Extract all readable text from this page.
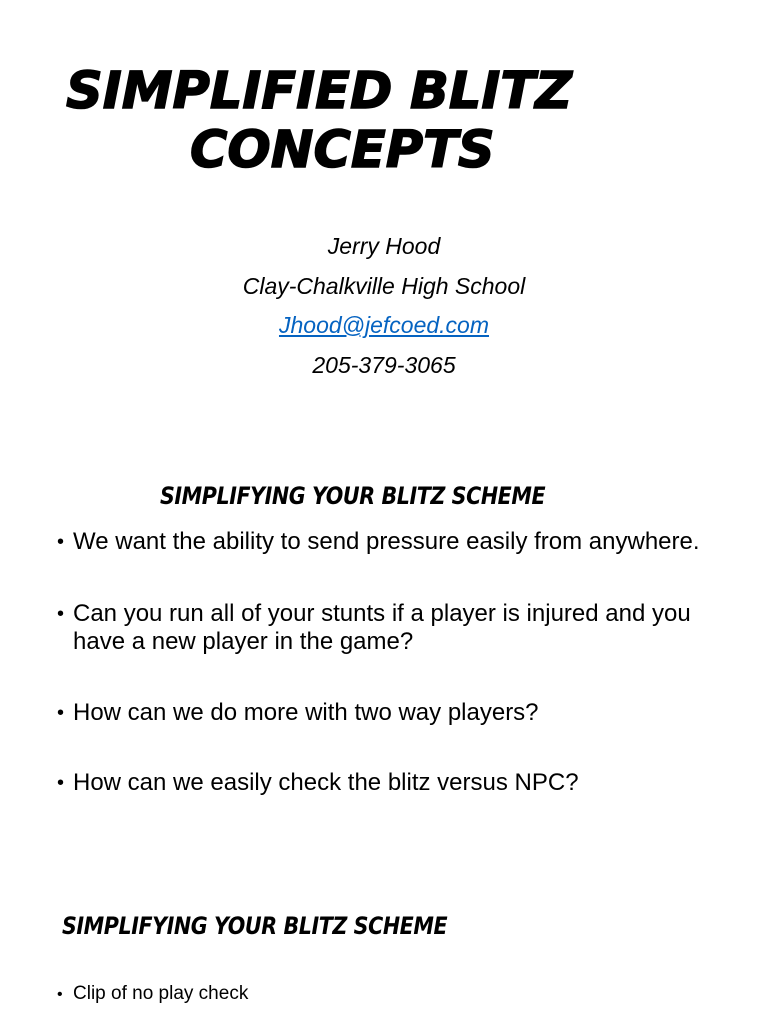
SIMPLIFIED BLITZ
CONCEPTS
Jerry Hood
Clay-Chalkville High School
Jhood@jefcoed.com
205-379-3065
SIMPLIFYING YOUR BLITZ SCHEME
• We want the ability to send pressure easily from anywhere.
• Can you run all of your stunts if a player is injured and you have a new player in the game?
• How can we do more with two way players?
• How can we easily check the blitz versus NPC?
SIMPLIFYING YOUR BLITZ SCHEME
• Clip of no play check
